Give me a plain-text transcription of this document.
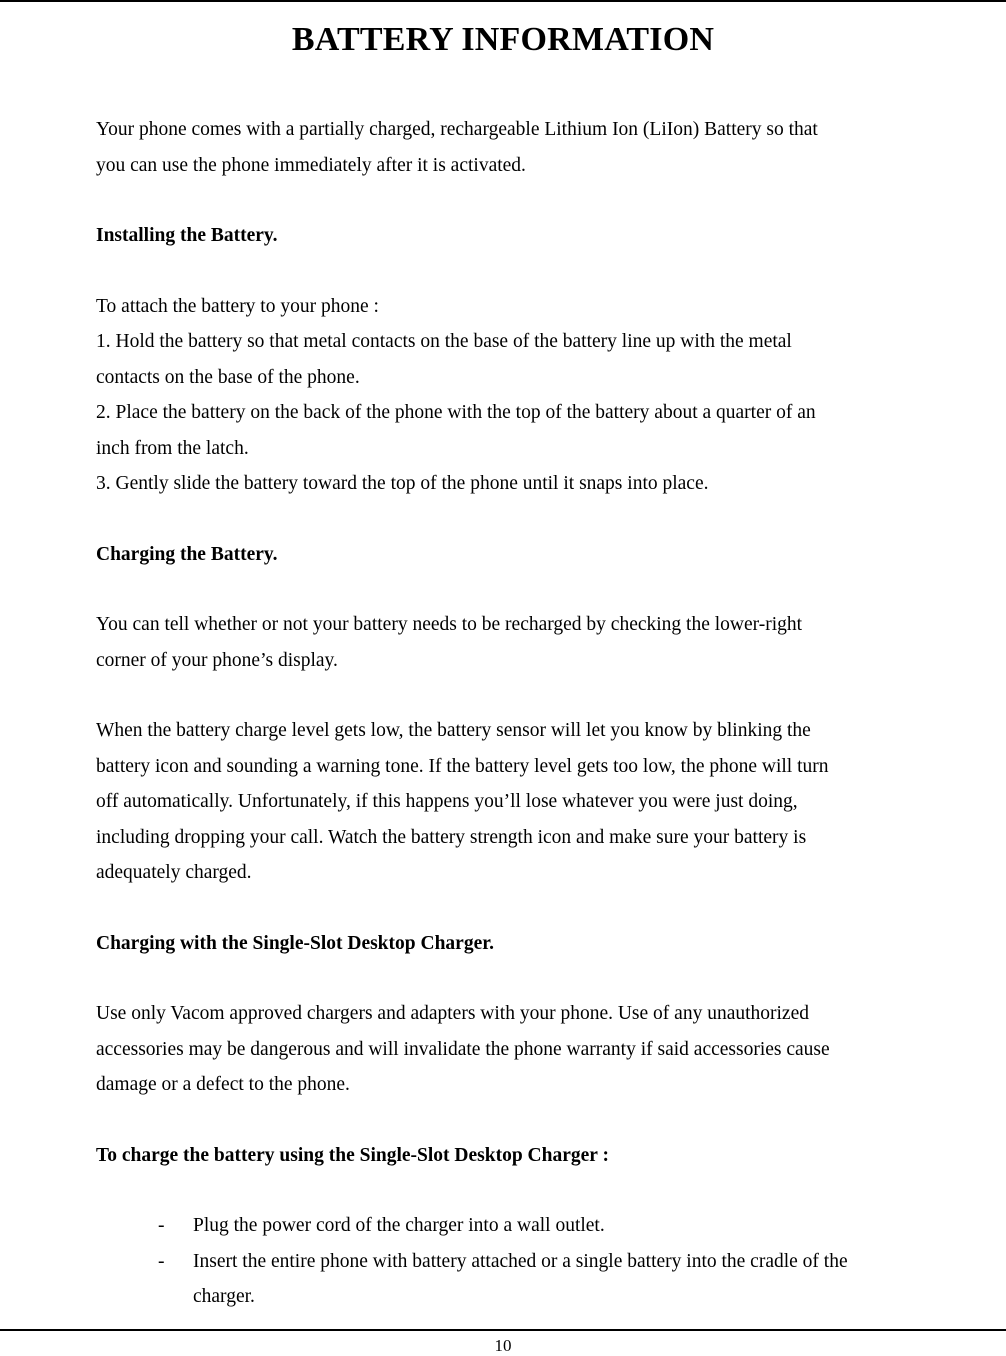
BATTERY INFORMATION

Your phone comes with a partially charged, rechargeable Lithium Ion (LiIon) Battery so that
you can use the phone immediately after it is activated.

Installing the Battery.

To attach the battery to your phone :
1. Hold the battery so that metal contacts on the base of the battery line up with the metal
contacts on the base of the phone.
2. Place the battery on the back of the phone with the top of the battery about a quarter of an
inch from the latch.
3. Gently slide the battery toward the top of the phone until it snaps into place.

Charging the Battery.

You can tell whether or not your battery needs to be recharged by checking the lower-right
corner of your phone’s display.

When the battery charge level gets low, the battery sensor will let you know by blinking the
battery icon and sounding a warning tone. If the battery level gets too low, the phone will turn
off automatically. Unfortunately, if this happens you’ll lose whatever you were just doing,
including dropping your call. Watch the battery strength icon and make sure your battery is
adequately charged.

Charging with the Single-Slot Desktop Charger.

Use only Vacom approved chargers and adapters with your phone. Use of any unauthorized
accessories may be dangerous and will invalidate the phone warranty if said accessories cause
damage or a defect to the phone.

To charge the battery using the Single-Slot Desktop Charger :
- Plug the power cord of the charger into a wall outlet.
- Insert the entire phone with battery attached or a single battery into the cradle of the
charger.
10
